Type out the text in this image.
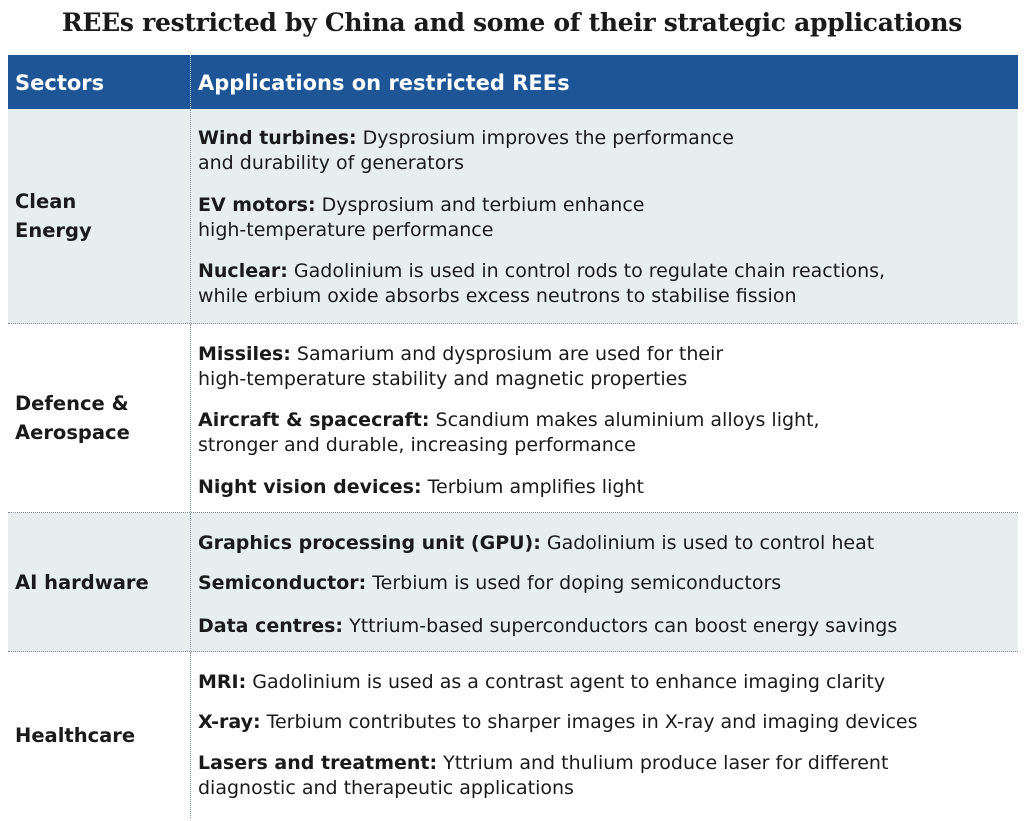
REEs restricted by China and some of their strategic applications
Sectors	Applications on restricted REEs
Clean
Energy
Wind turbines: Dysprosium improves the performance
and durability of generators
EV motors: Dysprosium and terbium enhance
high-temperature performance
Nuclear: Gadolinium is used in control rods to regulate chain reactions,
while erbium oxide absorbs excess neutrons to stabilise fission
Defence &
Aerospace
Missiles: Samarium and dysprosium are used for their
high-temperature stability and magnetic properties
Aircraft & spacecraft: Scandium makes aluminium alloys light,
stronger and durable, increasing performance
Night vision devices: Terbium amplifies light
AI hardware
Graphics processing unit (GPU): Gadolinium is used to control heat
Semiconductor: Terbium is used for doping semiconductors
Data centres: Yttrium-based superconductors can boost energy savings
Healthcare
MRI: Gadolinium is used as a contrast agent to enhance imaging clarity
X-ray: Terbium contributes to sharper images in X-ray and imaging devices
Lasers and treatment: Yttrium and thulium produce laser for different
diagnostic and therapeutic applications
